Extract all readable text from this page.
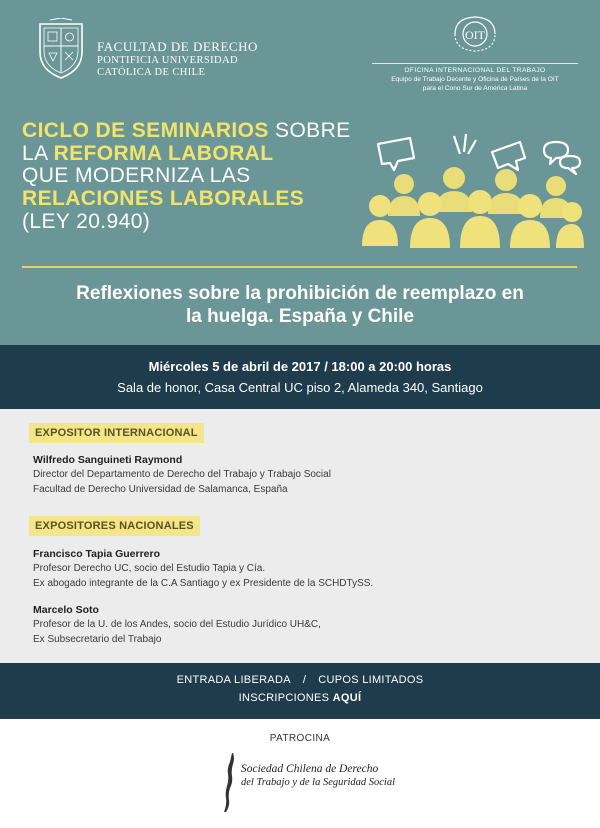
FACULTAD DE DERECHO
PONTIFICIA UNIVERSIDAD
CATÓLICA DE CHILE
OIT
OFICINA INTERNACIONAL DEL TRABAJO
Equipo de Trabajo Decente y Oficina de Países de la OIT
para el Cono Sur de América Latina
CICLO DE SEMINARIOS SOBRE
LA REFORMA LABORAL
QUE MODERNIZA LAS
RELACIONES LABORALES
(LEY 20.940)
Reflexiones sobre la prohibición de reemplazo en
la huelga. España y Chile
Miércoles 5 de abril de 2017 / 18:00 a 20:00 horas
Sala de honor, Casa Central UC piso 2, Alameda 340, Santiago
EXPOSITOR INTERNACIONAL
Wilfredo Sanguineti Raymond
Director del Departamento de Derecho del Trabajo y Trabajo Social
Facultad de Derecho Universidad de Salamanca, España
EXPOSITORES NACIONALES
Francisco Tapia Guerrero
Profesor Derecho UC, socio del Estudio Tapia y Cía.
Ex abogado integrante de la C.A Santiago y ex Presidente de la SCHDTySS.
Marcelo Soto
Profesor de la U. de los Andes, socio del Estudio Jurídico UH&C,
Ex Subsecretario del Trabajo
ENTRADA LIBERADA / CUPOS LIMITADOS
INSCRIPCIONES AQUÍ
PATROCINA
Sociedad Chilena de Derecho
del Trabajo y de la Seguridad Social
